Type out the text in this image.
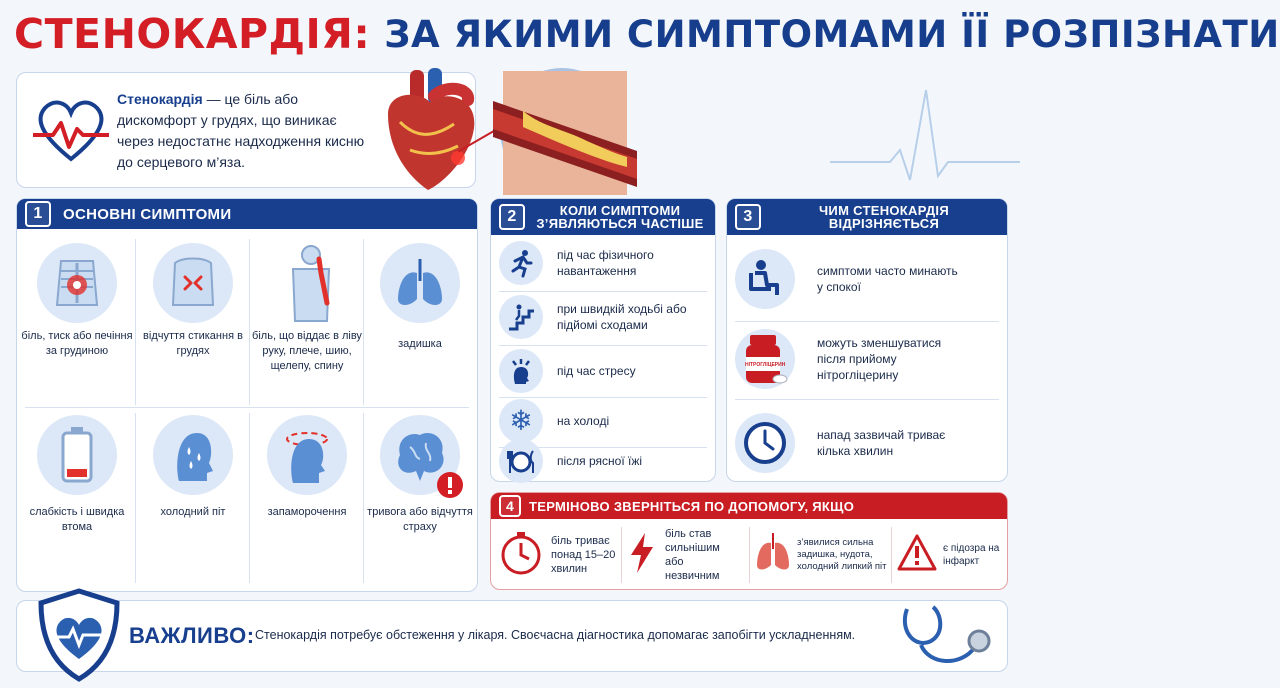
СТЕНОКАРДІЯ: ЗА ЯКИМИ СИМПТОМАМИ ЇЇ РОЗПІЗНАТИ
Стенокардія — це біль або дискомфорт у грудях, що виникає через недостатнє надходження кисню до серцевого м’яза.
1	ОСНОВНІ СИМПТОМИ
біль, тиск або печіння за грудиною
відчуття стикання в грудях
біль, що віддає в ліву руку, плече, шию, щелепу, спину
задишка
слабкість і швидка втома
холодний піт	запаморочення	тривога або відчуття страху
2	КОЛИ СИМПТОМИ З’ЯВЛЯЮТЬСЯ ЧАСТІШЕ
під час фізичного навантаження
при швидкій ходьбі або підйомі сходами
під час стресу
❄	на холоді
після рясної їжі
3	ЧИМ СТЕНОКАРДІЯ ВІДРІЗНЯЄТЬСЯ
симптоми часто минають у спокої
НІТРОГЛІЦЕРИН
можуть зменшуватися після прийому нітрогліцерину
напад зазвичай триває кілька хвилин
4	ТЕРМІНОВО ЗВЕРНІТЬСЯ ПО ДОПОМОГУ, ЯКЩО
біль триває понад 15–20 хвилин
біль став сильнішим або незвичним
з’явилися сильна задишка, нудота, холодний липкий піт
є підозра на інфаркт
ВАЖЛИВО: Стенокардія потребує обстеження у лікаря. Своєчасна діагностика допомагає запобігти ускладненням.
